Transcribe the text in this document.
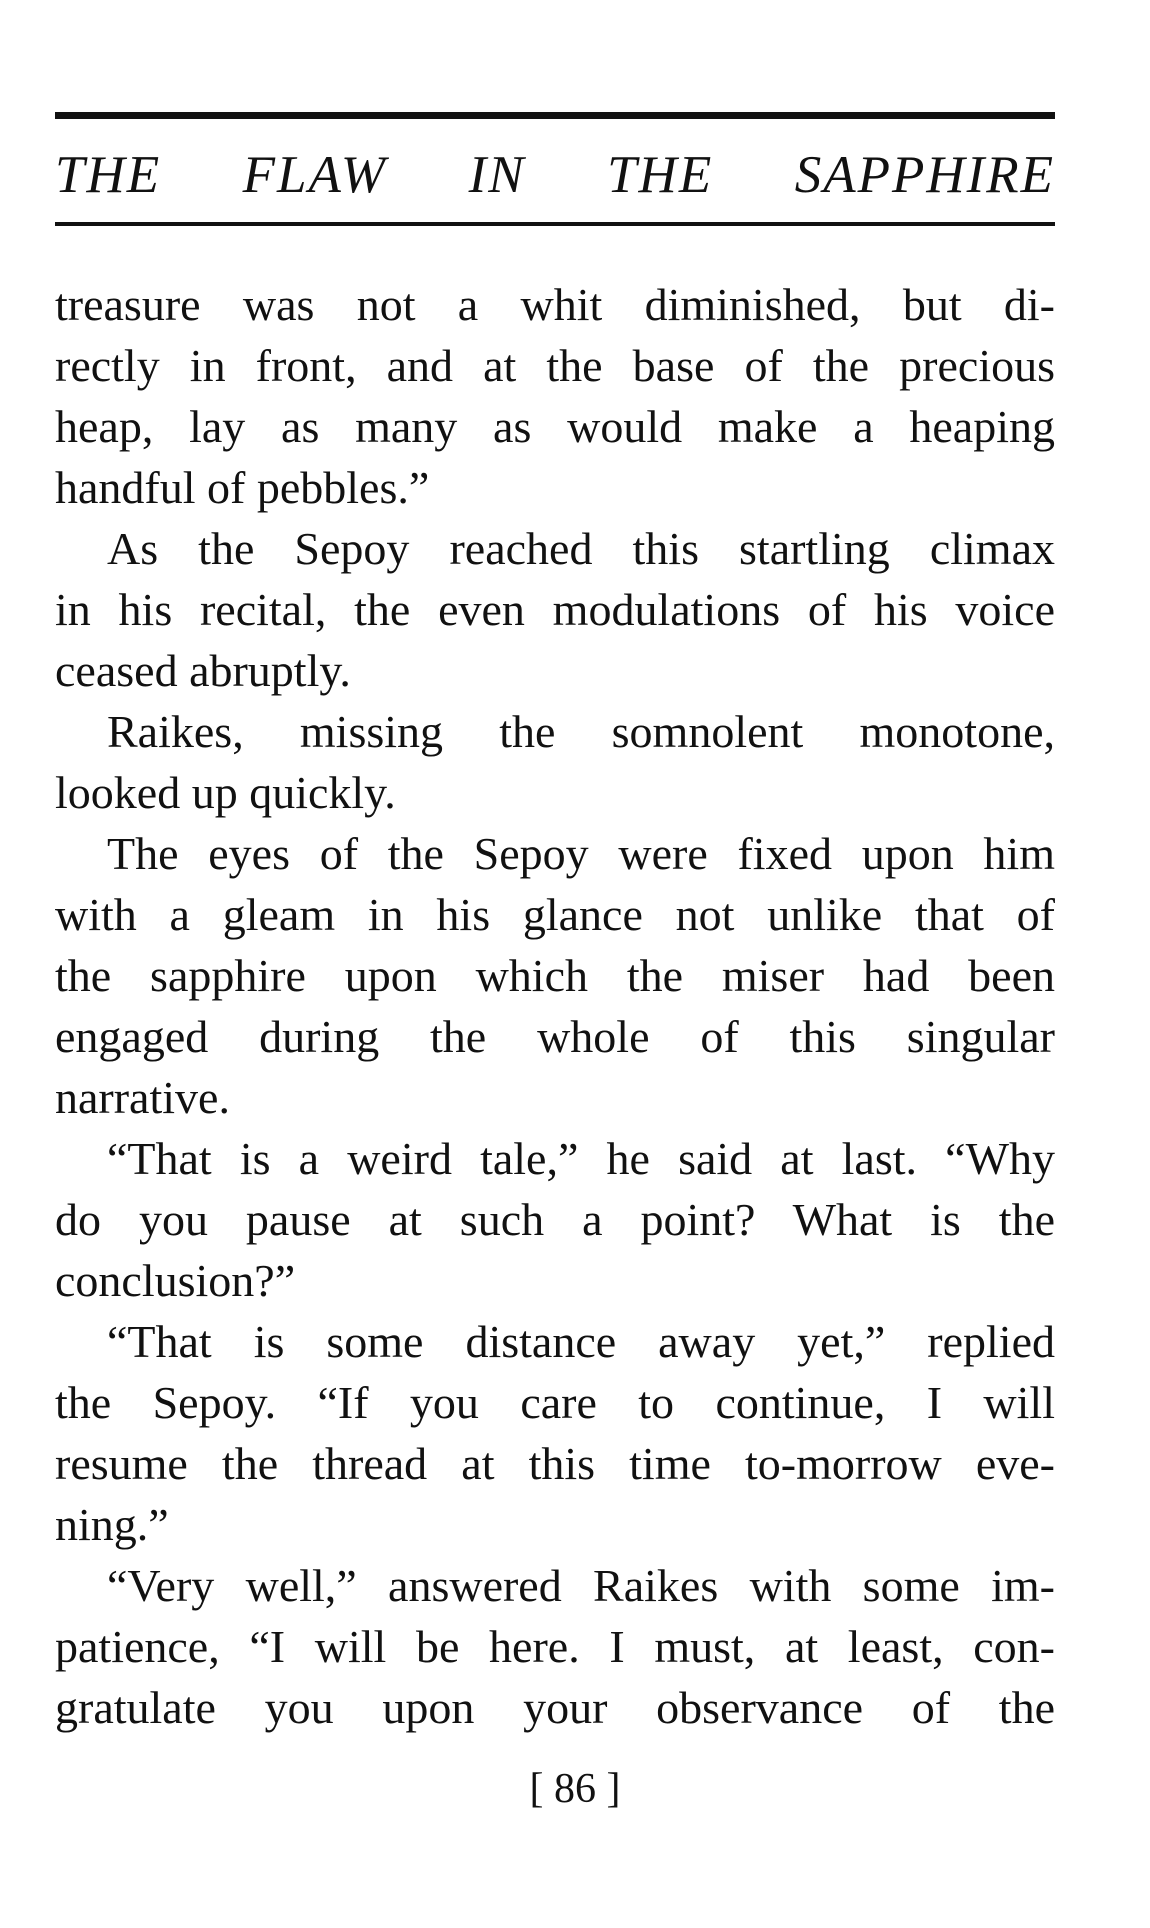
THE FLAW IN THE SAPPHIRE
treasure was not a whit diminished, but di-
rectly in front, and at the base of the precious
heap, lay as many as would make a heaping
handful of pebbles.”
As the Sepoy reached this startling climax
in his recital, the even modulations of his voice
ceased abruptly.
Raikes, missing the somnolent monotone,
looked up quickly.
The eyes of the Sepoy were fixed upon him
with a gleam in his glance not unlike that of
the sapphire upon which the miser had been
engaged during the whole of this singular
narrative.
“That is a weird tale,” he said at last. “Why
do you pause at such a point? What is the
conclusion?”
“That is some distance away yet,” replied
the Sepoy. “If you care to continue, I will
resume the thread at this time to-morrow eve-
ning.”
“Very well,” answered Raikes with some im-
patience, “I will be here. I must, at least, con-
gratulate you upon your observance of the
[ 86 ]
